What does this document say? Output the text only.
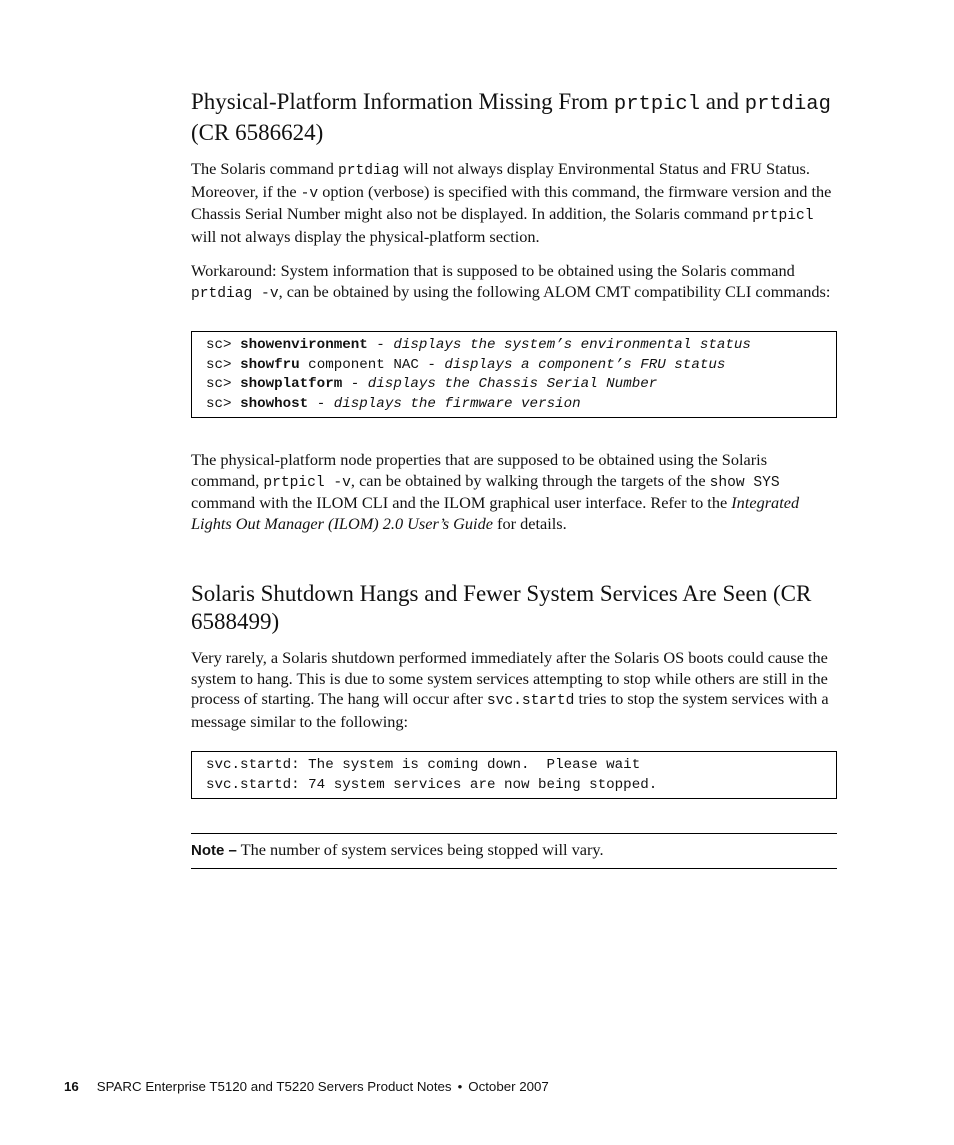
Physical-Platform Information Missing From prtpicl and prtdiag (CR 6586624)

The Solaris command prtdiag will not always display Environmental Status and FRU Status. Moreover, if the -v option (verbose) is specified with this command, the firmware version and the Chassis Serial Number might also not be displayed. In addition, the Solaris command prtpicl will not always display the physical-platform section.

Workaround: System information that is supposed to be obtained using the Solaris command prtdiag -v, can be obtained by using the following ALOM CMT compatibility CLI commands:

sc> showenvironment - displays the system’s environmental status
sc> showfru component NAC - displays a component’s FRU status
sc> showplatform - displays the Chassis Serial Number
sc> showhost - displays the firmware version

The physical-platform node properties that are supposed to be obtained using the Solaris command, prtpicl -v, can be obtained by walking through the targets of the show SYS command with the ILOM CLI and the ILOM graphical user interface. Refer to the Integrated Lights Out Manager (ILOM) 2.0 User’s Guide for details.

Solaris Shutdown Hangs and Fewer System Services Are Seen (CR 6588499)

Very rarely, a Solaris shutdown performed immediately after the Solaris OS boots could cause the system to hang. This is due to some system services attempting to stop while others are still in the process of starting. The hang will occur after svc.startd tries to stop the system services with a message similar to the following:

svc.startd: The system is coming down.  Please wait
svc.startd: 74 system services are now being stopped.
Note – The number of system services being stopped will vary.
16 SPARC Enterprise T5120 and T5220 Servers Product Notes • October 2007
